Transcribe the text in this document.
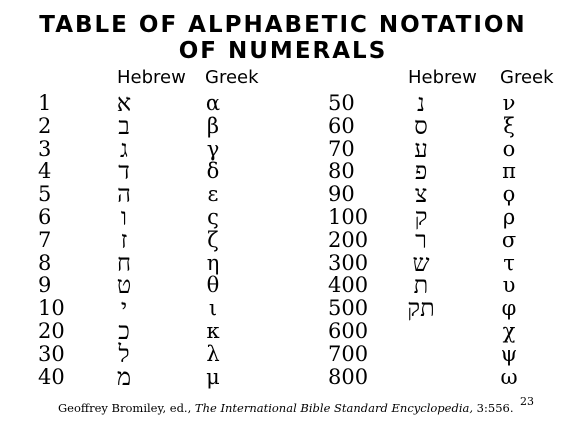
TABLE OF ALPHABETIC NOTATION
OF NUMERALS
Hebrew Greek	Hebrew Greek
1
2
3
4
5
6
7
8
9
10
20
30
40
א
ב
ג
ד
ה
ו
ז
ח
ט
י
כ
ל
מ
α
β
γ
δ
ε
ς
ζ
η
θ
ι
κ
λ
μ
50
60
70
80
90
100
200
300
400
500
600
700
800
נ
ס
ע
פ
צ
ק
ר
ש
ת
תק
ν
ξ
ο
π
ϙ
ρ
σ
τ
υ
φ
χ
ψ
ω
Geoffrey Bromiley, ed., The International Bible Standard Encyclopedia, 3:556. 23
